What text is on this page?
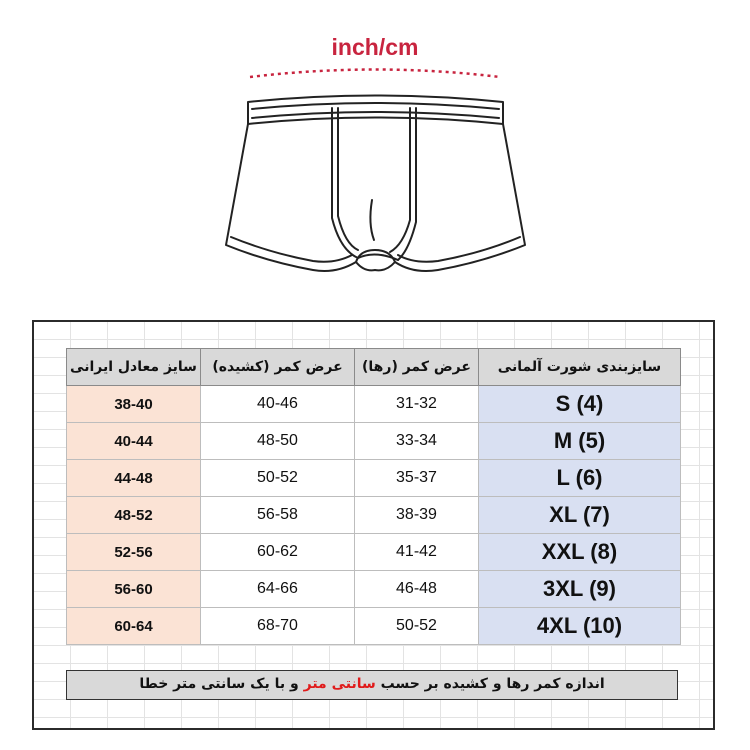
inch/cm
سایز معادل ایرانی	عرض کمر (کشیده)	عرض کمر (رها)	سایزبندی شورت آلمانی
38-40	40-46	31-32	S (4)
40-44	48-50	33-34	M (5)
44-48	50-52	35-37	L (6)
48-52	56-58	38-39	XL (7)
52-56	60-62	41-42	XXL (8)
56-60	64-66	46-48	3XL (9)
60-64	68-70	50-52	4XL (10)
اندازه کمر رها و کشیده بر حسب سانتی متر و با یک سانتی متر خطا
